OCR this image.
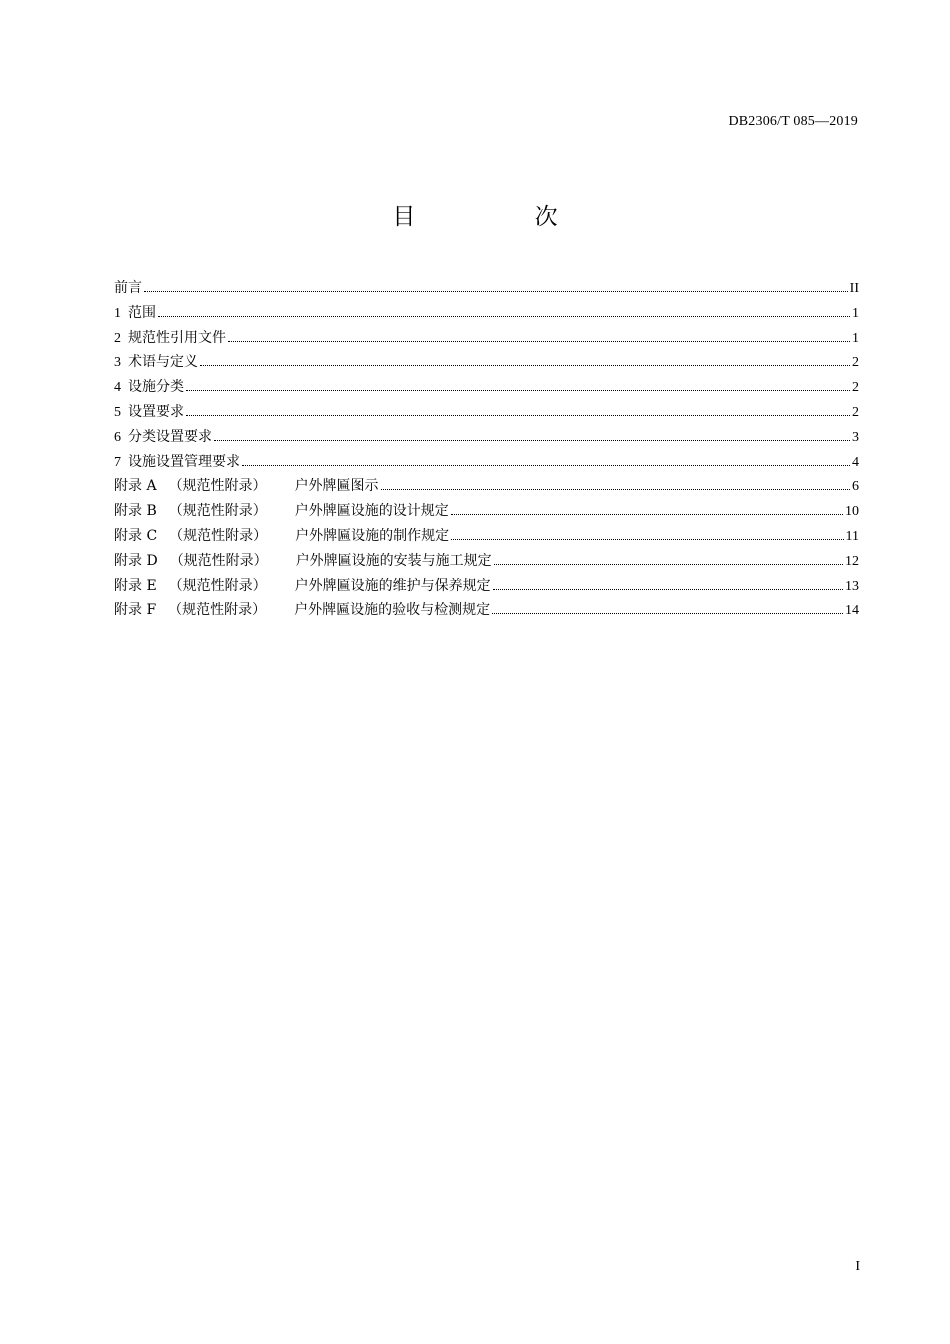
DB2306/T 085—2019
目 次
前言	II
1 范围	1
2 规范性引用文件	1
3 术语与定义	2
4 设施分类	2
5 设置要求	2
6 分类设置要求	3
7 设施设置管理要求	4
附录 A （规范性附录） 户外牌匾图示	6
附录 B （规范性附录） 户外牌匾设施的设计规定	10
附录 C （规范性附录） 户外牌匾设施的制作规定	11
附录 D （规范性附录） 户外牌匾设施的安装与施工规定	12
附录 E （规范性附录） 户外牌匾设施的维护与保养规定	13
附录 F （规范性附录） 户外牌匾设施的验收与检测规定	14
I
